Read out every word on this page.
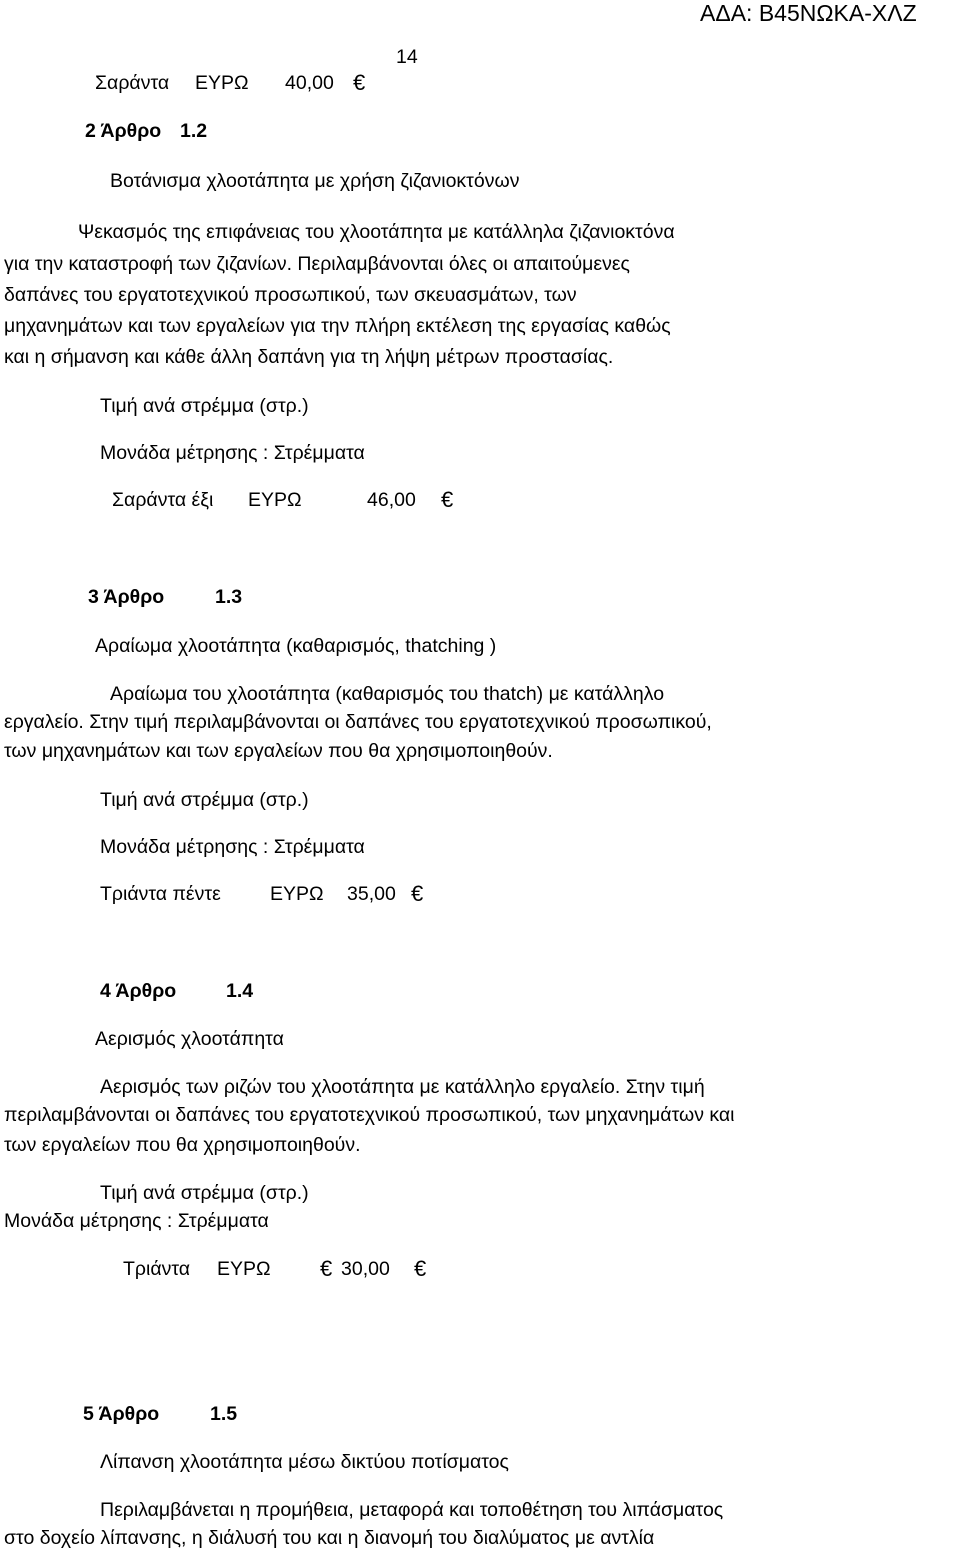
ΑΔΑ: Β45ΝΩΚΑ-ΧΛΖ
14
Σαράντα ΕΥΡΩ 40,00 €
2 Άρθρο 1.2
Βοτάνισμα χλοοτάπητα με χρήση ζιζανιοκτόνων
Ψεκασμός της επιφάνειας του χλοοτάπητα με κατάλληλα ζιζανιοκτόνα
για την καταστροφή των ζιζανίων. Περιλαμβάνονται όλες οι απαιτούμενες
δαπάνες του εργατοτεχνικού προσωπικού, των σκευασμάτων, των
μηχανημάτων και των εργαλείων για την πλήρη εκτέλεση της εργασίας καθώς
και η σήμανση και κάθε άλλη δαπάνη για τη λήψη μέτρων προστασίας.
Τιμή ανά στρέμμα (στρ.)
Μονάδα μέτρησης : Στρέμματα
Σαράντα έξι ΕΥΡΩ	46,00 €
3 Άρθρο	1.3
Αραίωμα χλοοτάπητα (καθαρισμός, thatching )
Αραίωμα του χλοοτάπητα (καθαρισμός του thatch) με κατάλληλο
εργαλείο. Στην τιμή περιλαμβάνονται οι δαπάνες του εργατοτεχνικού προσωπικού,
των μηχανημάτων και των εργαλείων που θα χρησιμοποιηθούν.
Τιμή ανά στρέμμα (στρ.)
Μονάδα μέτρησης : Στρέμματα
Τριάντα πέντε	ΕΥΡΩ 35,00 €
4 Άρθρο	1.4
Αερισμός χλοοτάπητα
Αερισμός των ριζών του χλοοτάπητα με κατάλληλο εργαλείο. Στην τιμή
περιλαμβάνονται οι δαπάνες του εργατοτεχνικού προσωπικού, των μηχανημάτων και
των εργαλείων που θα χρησιμοποιηθούν.
Τιμή ανά στρέμμα (στρ.)
Μονάδα μέτρησης : Στρέμματα
Τριάντα ΕΥΡΩ € 30,00 €
5 Άρθρο	1.5
Λίπανση χλοοτάπητα μέσω δικτύου ποτίσματος
Περιλαμβάνεται η προμήθεια, μεταφορά και τοποθέτηση του λιπάσματος
στο δοχείο λίπανσης, η διάλυσή του και η διανομή του διαλύματος με αντλία
